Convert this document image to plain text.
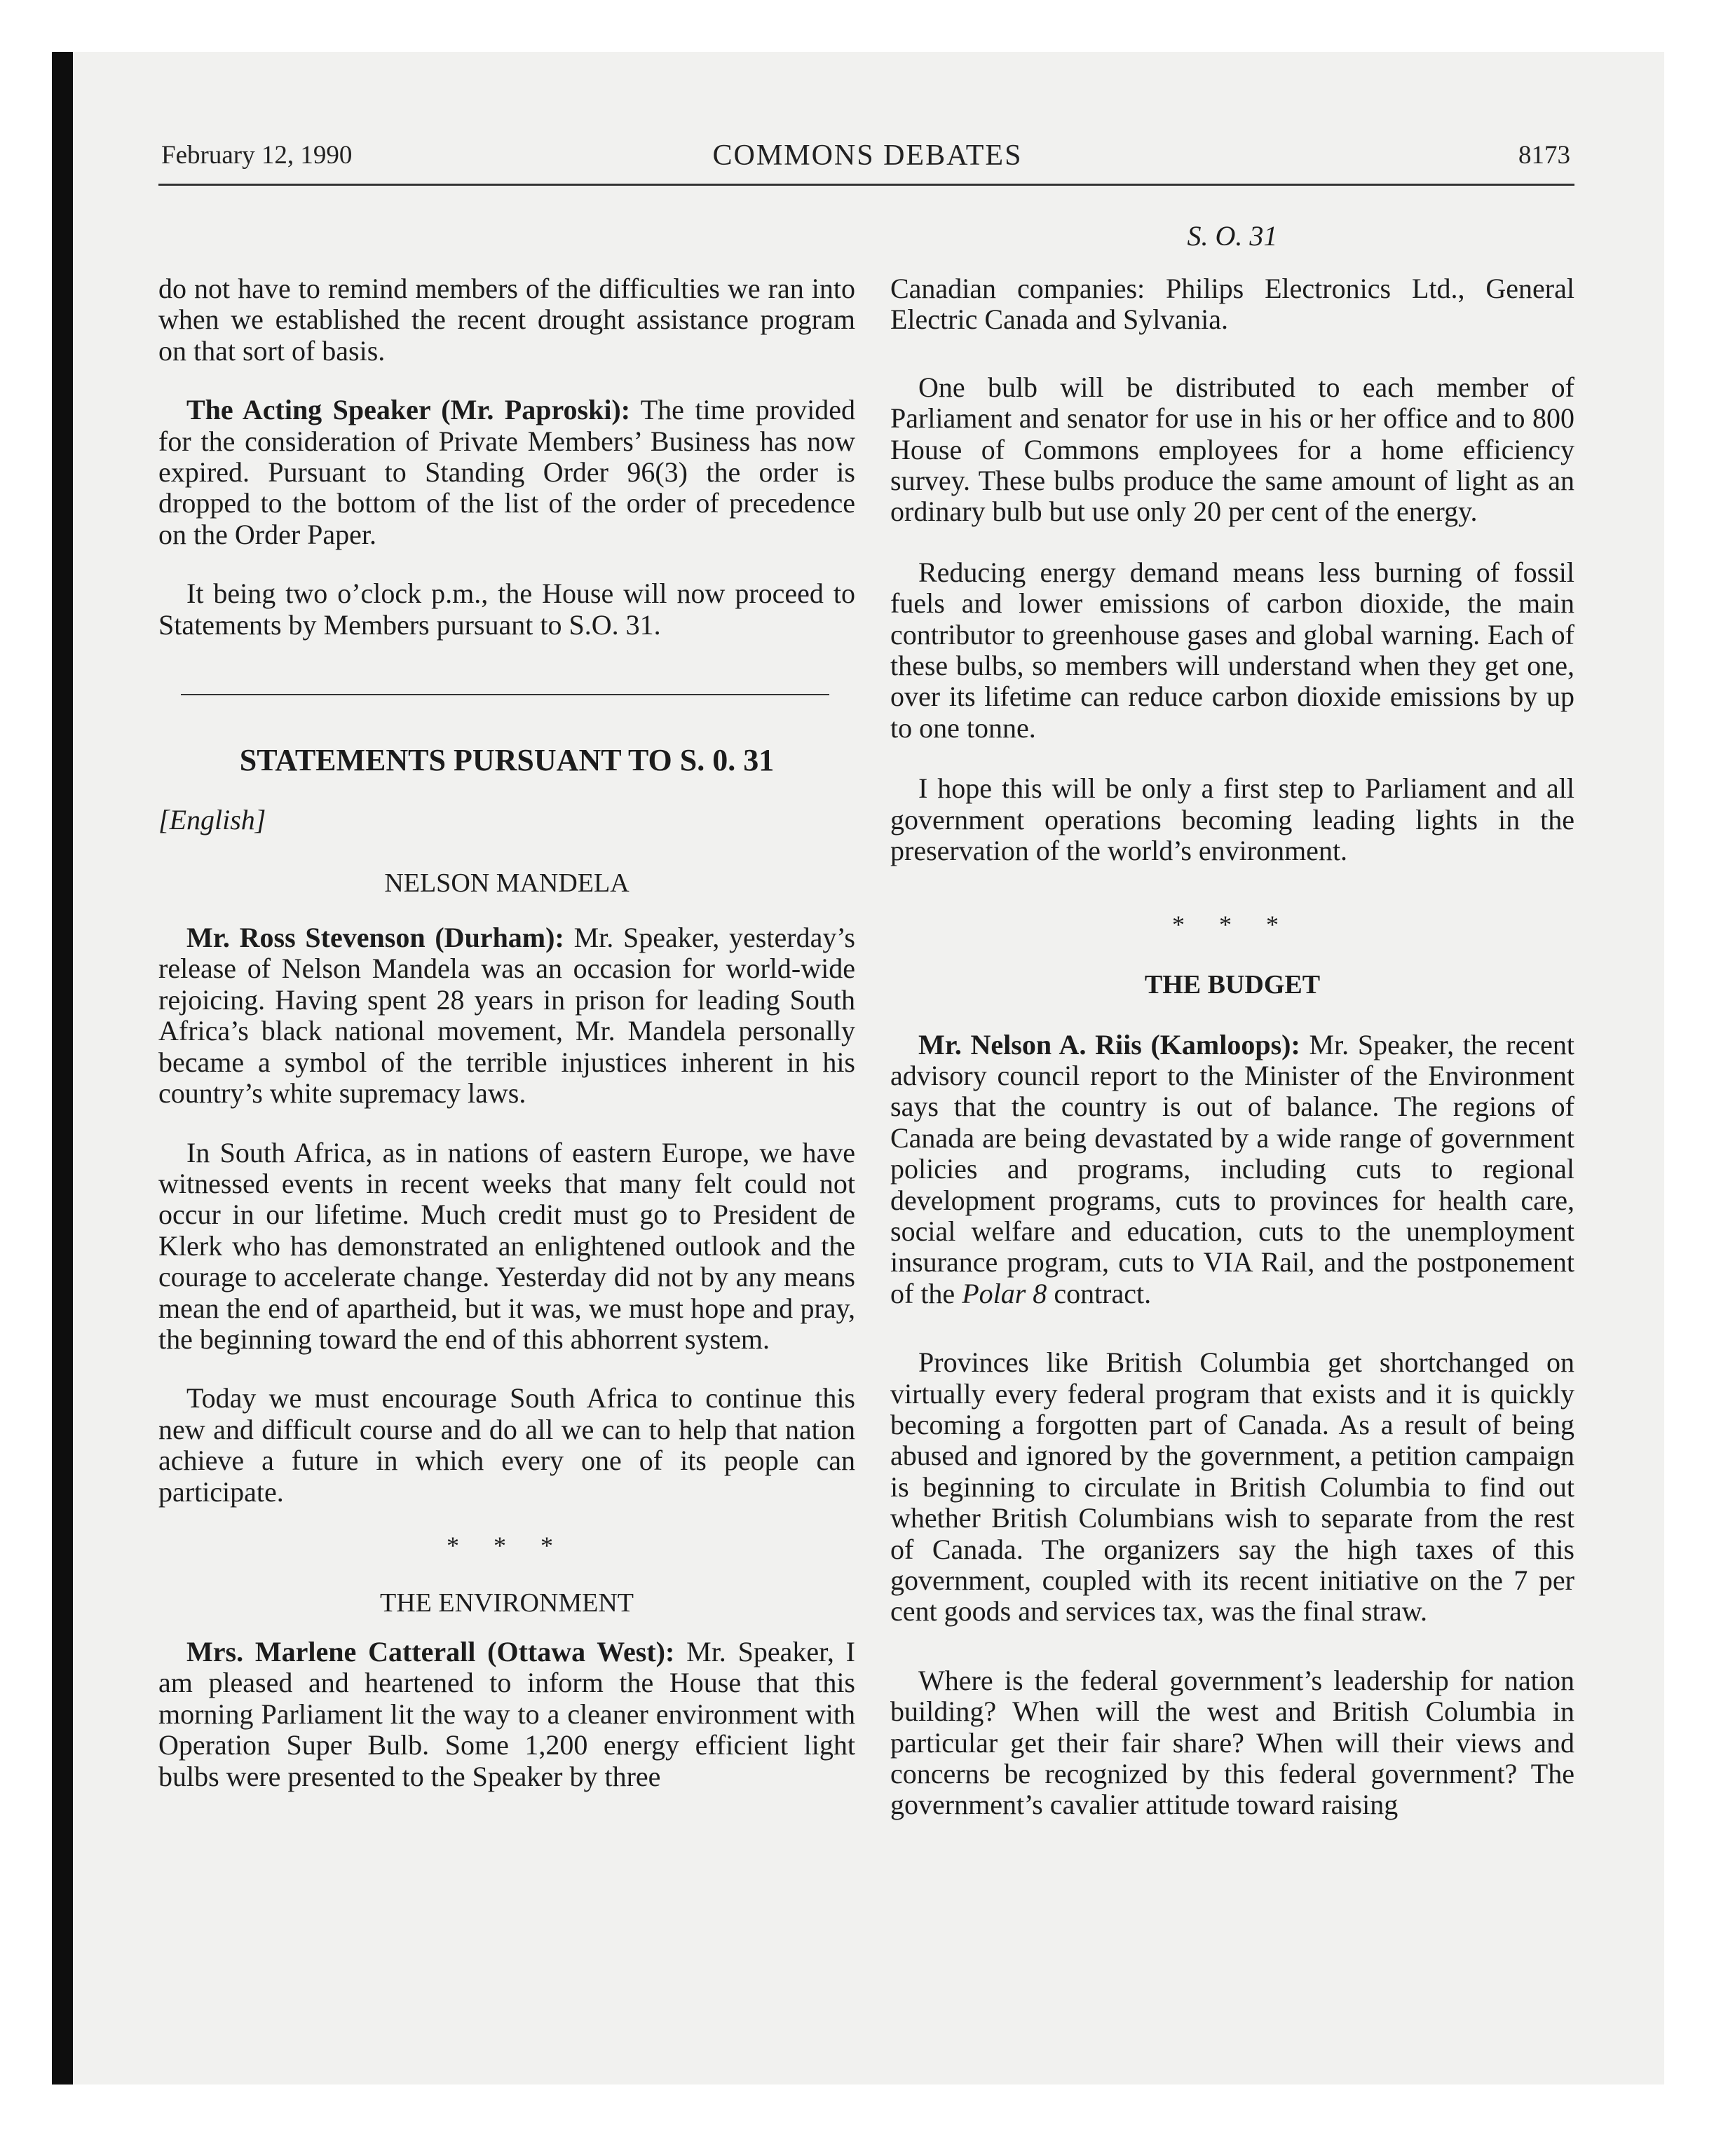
February 12, 1990	COMMONS DEBATES	8173
S. O. 31

do not have to remind members of the difficulties we ran into when we established the recent drought assistance program on that sort of basis.

The Acting Speaker (Mr. Paproski): The time provided for the consideration of Private Members’ Business has now expired. Pursuant to Standing Order 96(3) the order is dropped to the bottom of the list of the order of precedence on the Order Paper.

It being two o’clock p.m., the House will now proceed to Statements by Members pursuant to S.O. 31.

STATEMENTS PURSUANT TO S. 0. 31

[English]

NELSON MANDELA

Mr. Ross Stevenson (Durham): Mr. Speaker, yesterday’s release of Nelson Mandela was an occasion for world-wide rejoicing. Having spent 28 years in prison for leading South Africa’s black national movement, Mr. Mandela personally became a symbol of the terrible injustices inherent in his country’s white supremacy laws.

In South Africa, as in nations of eastern Europe, we have witnessed events in recent weeks that many felt could not occur in our lifetime. Much credit must go to President de Klerk who has demonstrated an enlightened outlook and the courage to accelerate change. Yesterday did not by any means mean the end of apartheid, but it was, we must hope and pray, the beginning toward the end of this abhorrent system.

Today we must encourage South Africa to continue this new and difficult course and do all we can to help that nation achieve a future in which every one of its people can participate.

* * *

THE ENVIRONMENT

Mrs. Marlene Catterall (Ottawa West): Mr. Speaker, I am pleased and heartened to inform the House that this morning Parliament lit the way to a cleaner environment with Operation Super Bulb. Some 1,200 energy efficient light bulbs were presented to the Speaker by three

Canadian companies: Philips Electronics Ltd., General Electric Canada and Sylvania.

One bulb will be distributed to each member of Parliament and senator for use in his or her office and to 800 House of Commons employees for a home efficiency survey. These bulbs produce the same amount of light as an ordinary bulb but use only 20 per cent of the energy.

Reducing energy demand means less burning of fossil fuels and lower emissions of carbon dioxide, the main contributor to greenhouse gases and global warning. Each of these bulbs, so members will understand when they get one, over its lifetime can reduce carbon dioxide emissions by up to one tonne.

I hope this will be only a first step to Parliament and all government operations becoming leading lights in the preservation of the world’s environment.

* * *

THE BUDGET

Mr. Nelson A. Riis (Kamloops): Mr. Speaker, the recent advisory council report to the Minister of the Environment says that the country is out of balance. The regions of Canada are being devastated by a wide range of government policies and programs, including cuts to regional development programs, cuts to provinces for health care, social welfare and education, cuts to the unemployment insurance program, cuts to VIA Rail, and the postponement of the Polar 8 contract.

Provinces like British Columbia get shortchanged on virtually every federal program that exists and it is quickly becoming a forgotten part of Canada. As a result of being abused and ignored by the government, a petition campaign is beginning to circulate in British Columbia to find out whether British Columbians wish to separate from the rest of Canada. The organizers say the high taxes of this government, coupled with its recent initiative on the 7 per cent goods and services tax, was the final straw.

Where is the federal government’s leadership for nation building? When will the west and British Columbia in particular get their fair share? When will their views and concerns be recognized by this federal government? The government’s cavalier attitude toward raising
